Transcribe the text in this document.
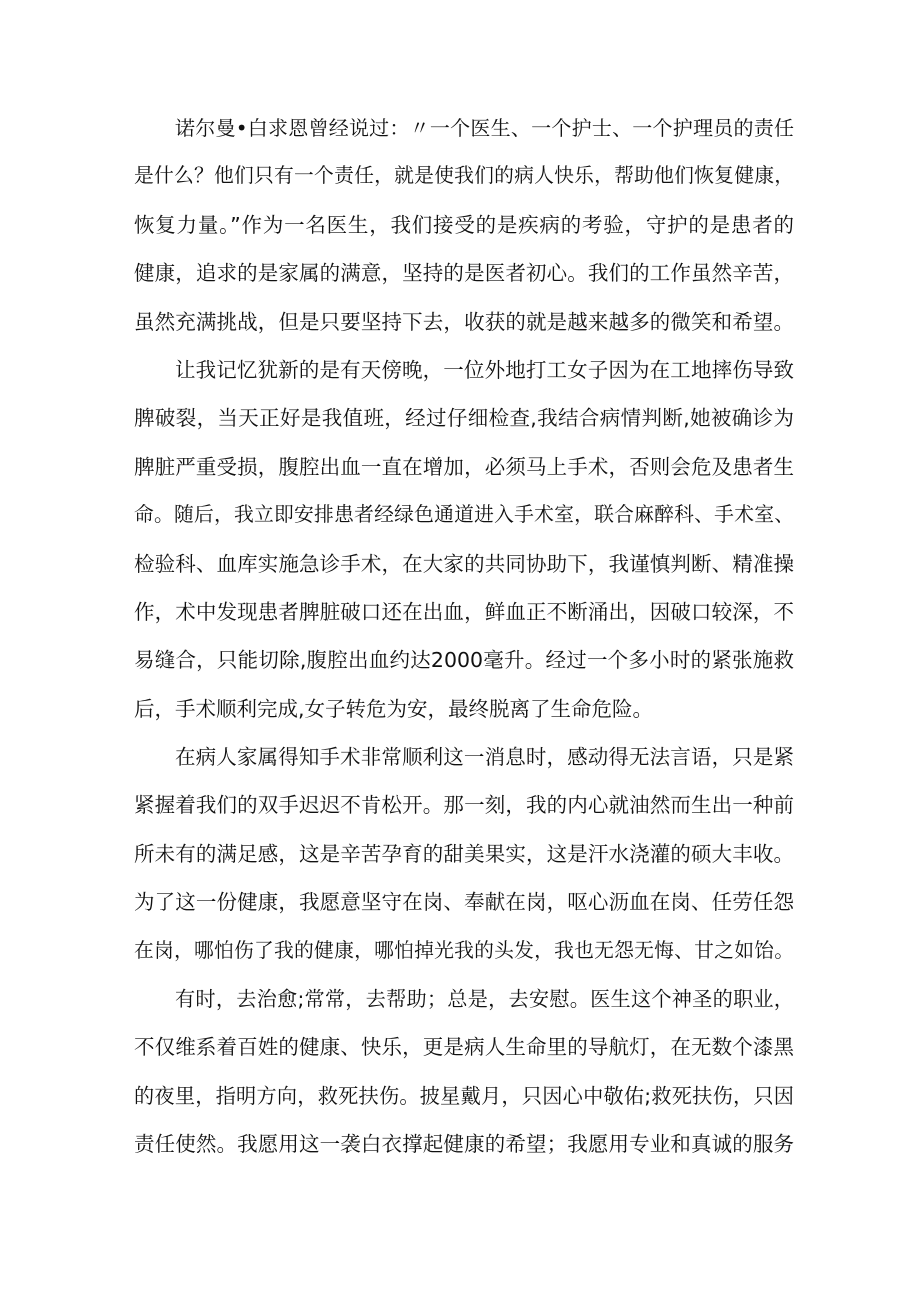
诺尔曼•白求恩曾经说过：〃一个医生、一个护士、一个护理员的责任
是什么？他们只有一个责任，就是使我们的病人快乐，帮助他们恢复健康，
恢复力量。”作为一名医生，我们接受的是疾病的考验，守护的是患者的
健康，追求的是家属的满意，坚持的是医者初心。我们的工作虽然辛苦，
虽然充满挑战，但是只要坚持下去，收获的就是越来越多的微笑和希望。
让我记忆犹新的是有天傍晚，一位外地打工女子因为在工地摔伤导致
脾破裂，当天正好是我值班，经过仔细检查,我结合病情判断,她被确诊为
脾脏严重受损，腹腔出血一直在增加，必须马上手术，否则会危及患者生
命。随后，我立即安排患者经绿色通道进入手术室，联合麻醉科、手术室、
检验科、血库实施急诊手术，在大家的共同协助下，我谨慎判断、精准操
作，术中发现患者脾脏破口还在出血，鲜血正不断涌出，因破口较深，不
易缝合，只能切除,腹腔出血约达2000毫升。经过一个多小时的紧张施救
后，手术顺利完成,女子转危为安，最终脱离了生命危险。
在病人家属得知手术非常顺利这一消息时，感动得无法言语，只是紧
紧握着我们的双手迟迟不肯松开。那一刻，我的内心就油然而生出一种前
所未有的满足感，这是辛苦孕育的甜美果实，这是汗水浇灌的硕大丰收。
为了这一份健康，我愿意坚守在岗、奉献在岗，呕心沥血在岗、任劳任怨
在岗，哪怕伤了我的健康，哪怕掉光我的头发，我也无怨无悔、甘之如饴。
有时，去治愈;常常，去帮助；总是，去安慰。医生这个神圣的职业，
不仅维系着百姓的健康、快乐，更是病人生命里的导航灯，在无数个漆黑
的夜里，指明方向，救死扶伤。披星戴月，只因心中敬佑;救死扶伤，只因
责任使然。我愿用这一袭白衣撑起健康的希望；我愿用专业和真诚的服务
